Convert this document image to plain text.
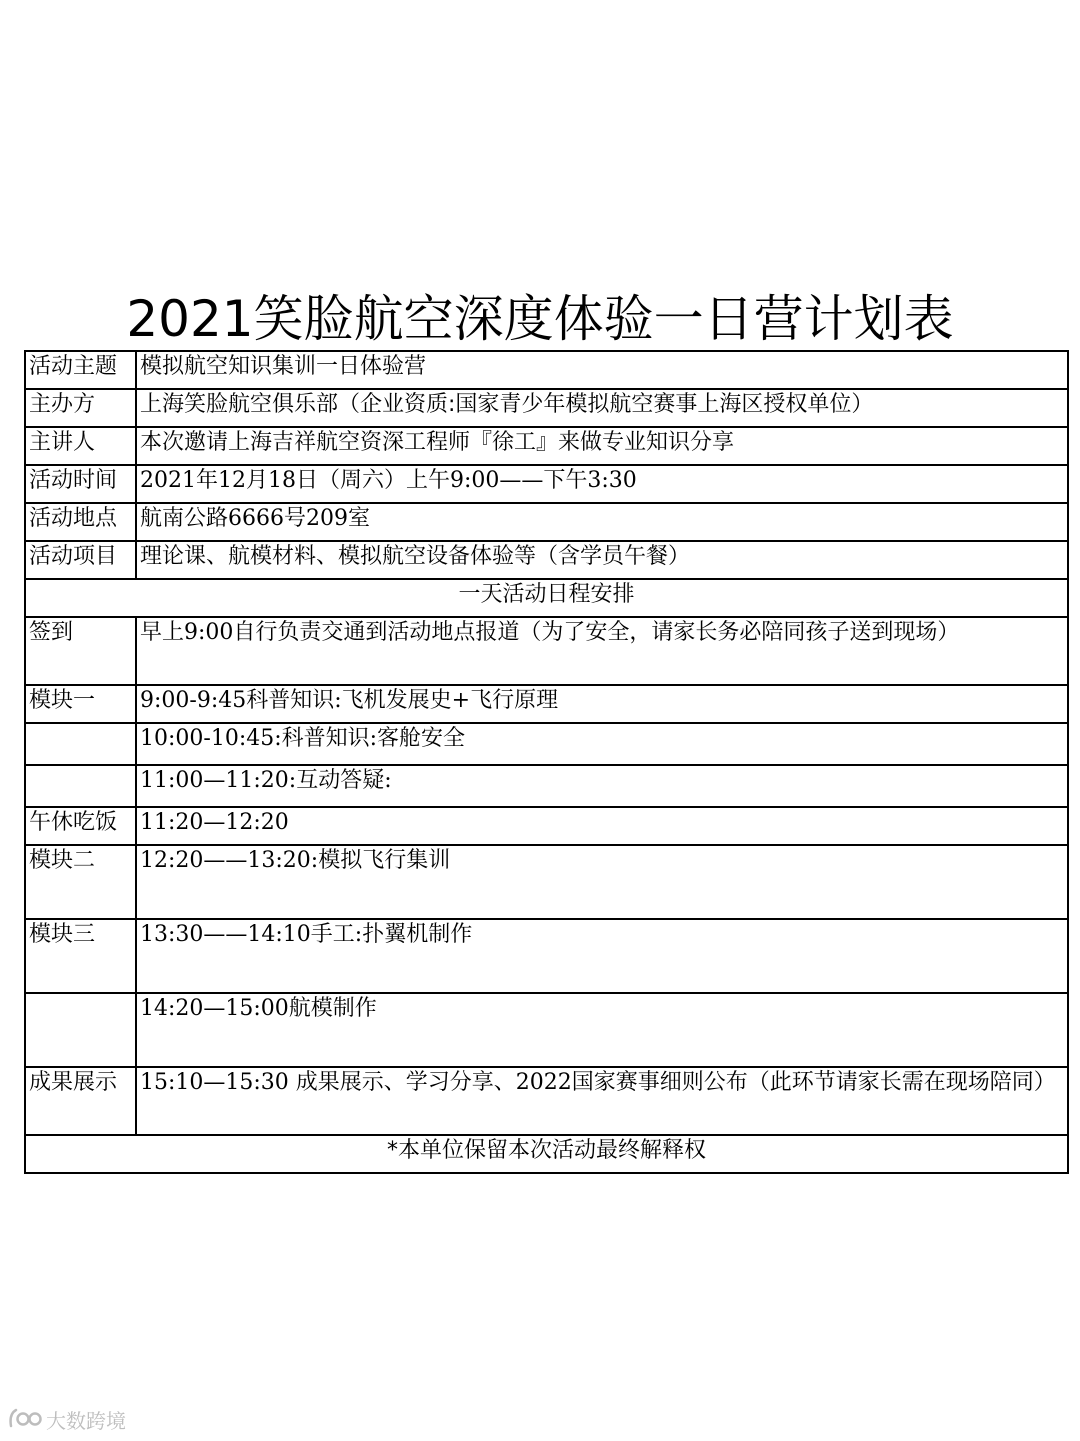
2021笑脸航空深度体验一日营计划表
活动主题	模拟航空知识集训一日体验营
主办方	上海笑脸航空俱乐部（企业资质:国家青少年模拟航空赛事上海区授权单位）
主讲人	本次邀请上海吉祥航空资深工程师『徐工』来做专业知识分享
活动时间	2021年12月18日（周六）上午9:00——下午3:30
活动地点	航南公路6666号209室
活动项目	理论课、航模材料、模拟航空设备体验等（含学员午餐）
一天活动日程安排	
签到	早上9:00自行负责交通到活动地点报道（为了安全，请家长务必陪同孩子送到现场）
模块一	9:00-9:45科普知识:飞机发展史+飞行原理
	10:00-10:45:科普知识:客舱安全
	11:00—11:20:互动答疑:
午休吃饭	11:20—12:20
模块二	12:20——13:20:模拟飞行集训
模块三	13:30——14:10手工:扑翼机制作
	14:20—15:00航模制作
成果展示	15:10—15:30 成果展示、学习分享、2022国家赛事细则公布（此环节请家长需在现场陪同）
*本单位保留本次活动最终解释权	
大数跨境
